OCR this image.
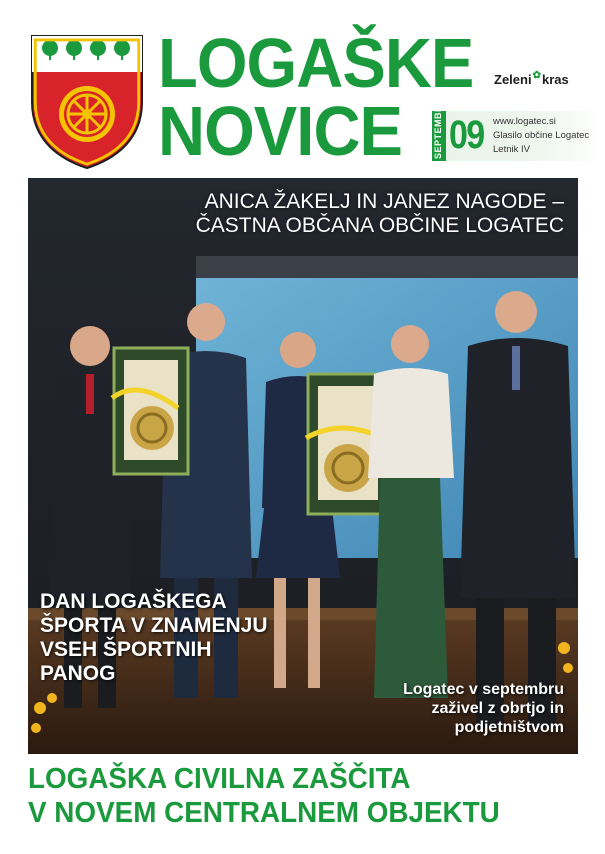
LOGAŠKE
NOVICE
Zeleni✿kras
SEPTEMBER 09 www.logatec.si
Glasilo občine Logatec
Letnik IV
ANICA ŽAKELJ IN JANEZ NAGODE –
ČASTNA OBČANA OBČINE LOGATEC
DAN LOGAŠKEGA
ŠPORTA V ZNAMENJU
VSEH ŠPORTNIH
PANOG
Logatec v septembru
zaživel z obrtjo in
podjetništvom
LOGAŠKA CIVILNA ZAŠČITA
V NOVEM CENTRALNEM OBJEKTU
